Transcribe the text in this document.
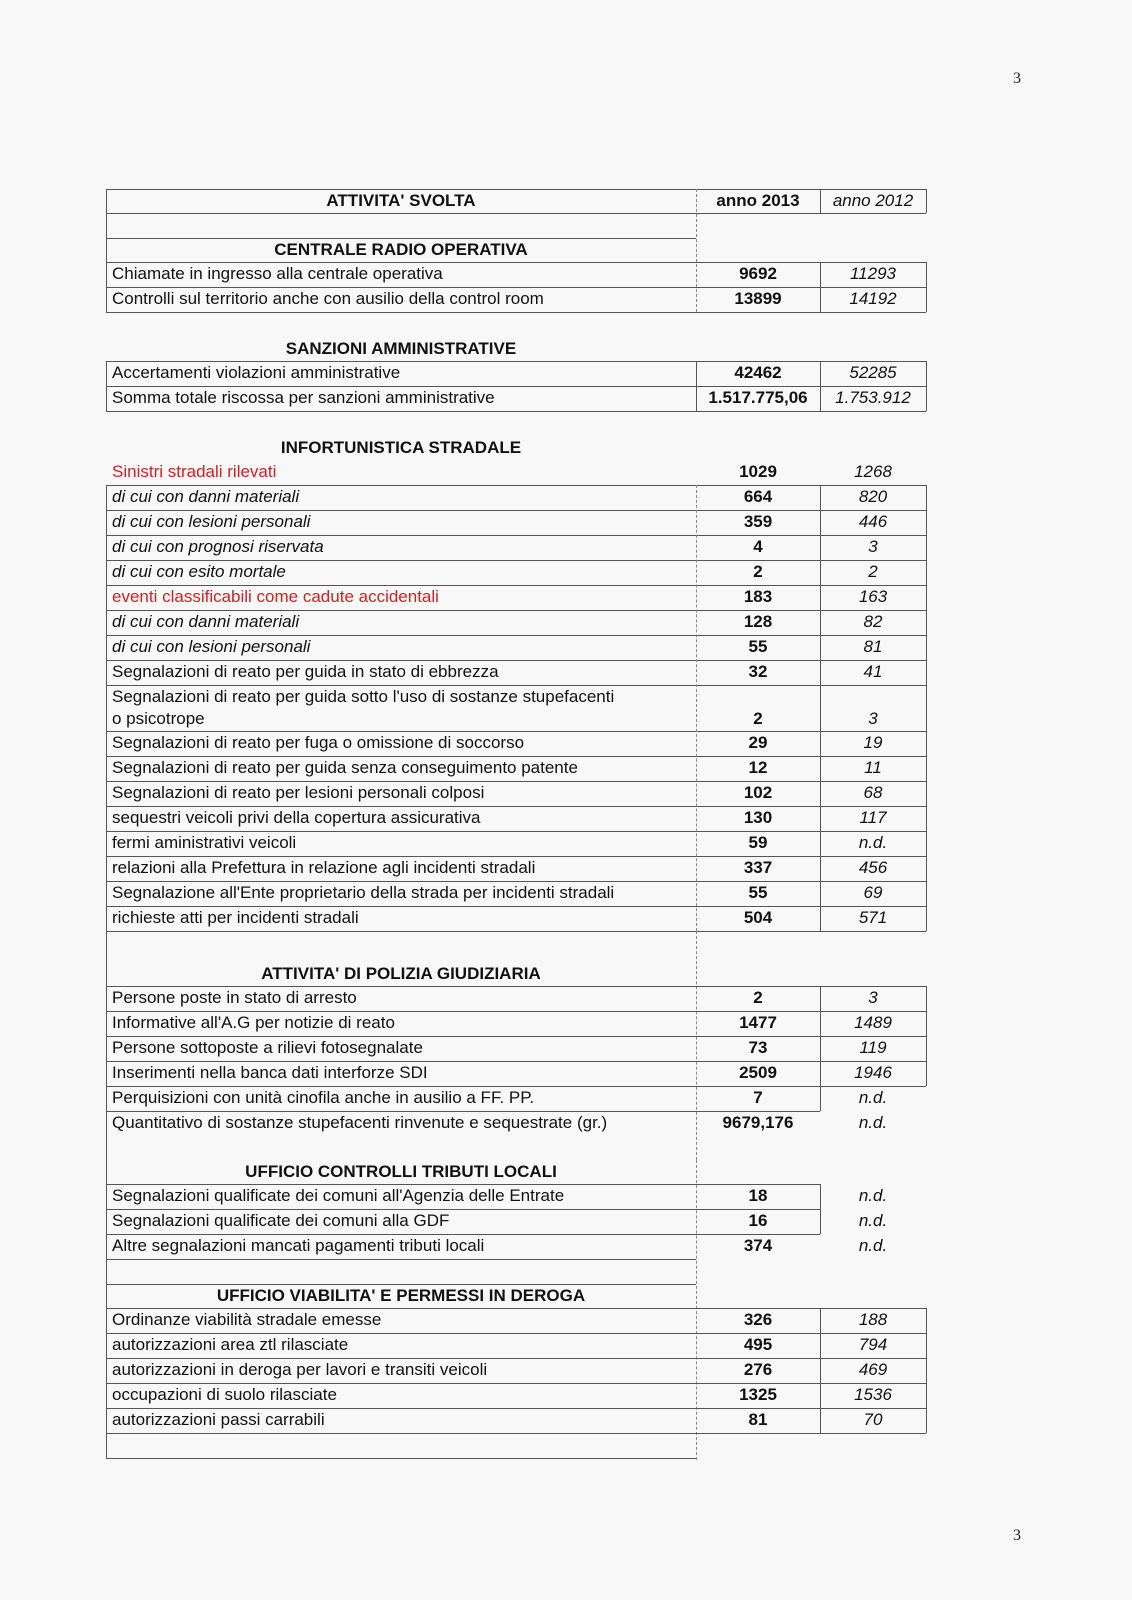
3
3
ATTIVITA' SVOLTA	anno 2013	anno 2012
CENTRALE RADIO OPERATIVA
Chiamate in ingresso alla centrale operativa	9692	11293
Controlli sul territorio anche con ausilio della control room	13899	14192
SANZIONI AMMINISTRATIVE
Accertamenti violazioni amministrative	42462	52285
Somma totale riscossa per sanzioni amministrative	1.517.775,06	1.753.912
INFORTUNISTICA STRADALE
Sinistri stradali rilevati	1029	1268
di cui con danni materiali	664	820
di cui con lesioni personali	359	446
di cui con prognosi riservata	4	3
di cui con esito mortale	2	2
eventi classificabili come cadute accidentali	183	163
di cui con danni materiali	128	82
di cui con lesioni personali	55	81
Segnalazioni di reato per guida in stato di ebbrezza	32	41
Segnalazioni di reato per guida sotto l'uso di sostanze stupefacenti
o psicotrope	2	3
Segnalazioni di reato per fuga o omissione di soccorso	29	19
Segnalazioni di reato per guida senza conseguimento patente	12	11
Segnalazioni di reato per lesioni personali colposi	102	68
sequestri veicoli privi della copertura assicurativa	130	117
fermi aministrativi veicoli	59	n.d.
relazioni alla Prefettura in relazione agli incidenti stradali	337	456
Segnalazione all'Ente proprietario della strada per incidenti stradali	55	69
richieste atti per incidenti stradali	504	571
ATTIVITA' DI POLIZIA GIUDIZIARIA
Persone poste in stato di arresto	2	3
Informative all'A.G per notizie di reato	1477	1489
Persone sottoposte a rilievi fotosegnalate	73	119
Inserimenti nella banca dati interforze SDI	2509	1946
Perquisizioni con unità cinofila anche in ausilio a FF. PP.	7	n.d.
Quantitativo di sostanze stupefacenti rinvenute e sequestrate (gr.)	9679,176	n.d.
UFFICIO CONTROLLI TRIBUTI LOCALI
Segnalazioni qualificate dei comuni all'Agenzia delle Entrate	18	n.d.
Segnalazioni qualificate dei comuni alla GDF	16	n.d.
Altre segnalazioni mancati pagamenti tributi locali	374	n.d.
UFFICIO VIABILITA' E PERMESSI IN DEROGA
Ordinanze viabilità stradale emesse	326	188
autorizzazioni area ztl rilasciate	495	794
autorizzazioni in deroga per lavori e transiti veicoli	276	469
occupazioni di suolo rilasciate	1325	1536
autorizzazioni passi carrabili	81	70
